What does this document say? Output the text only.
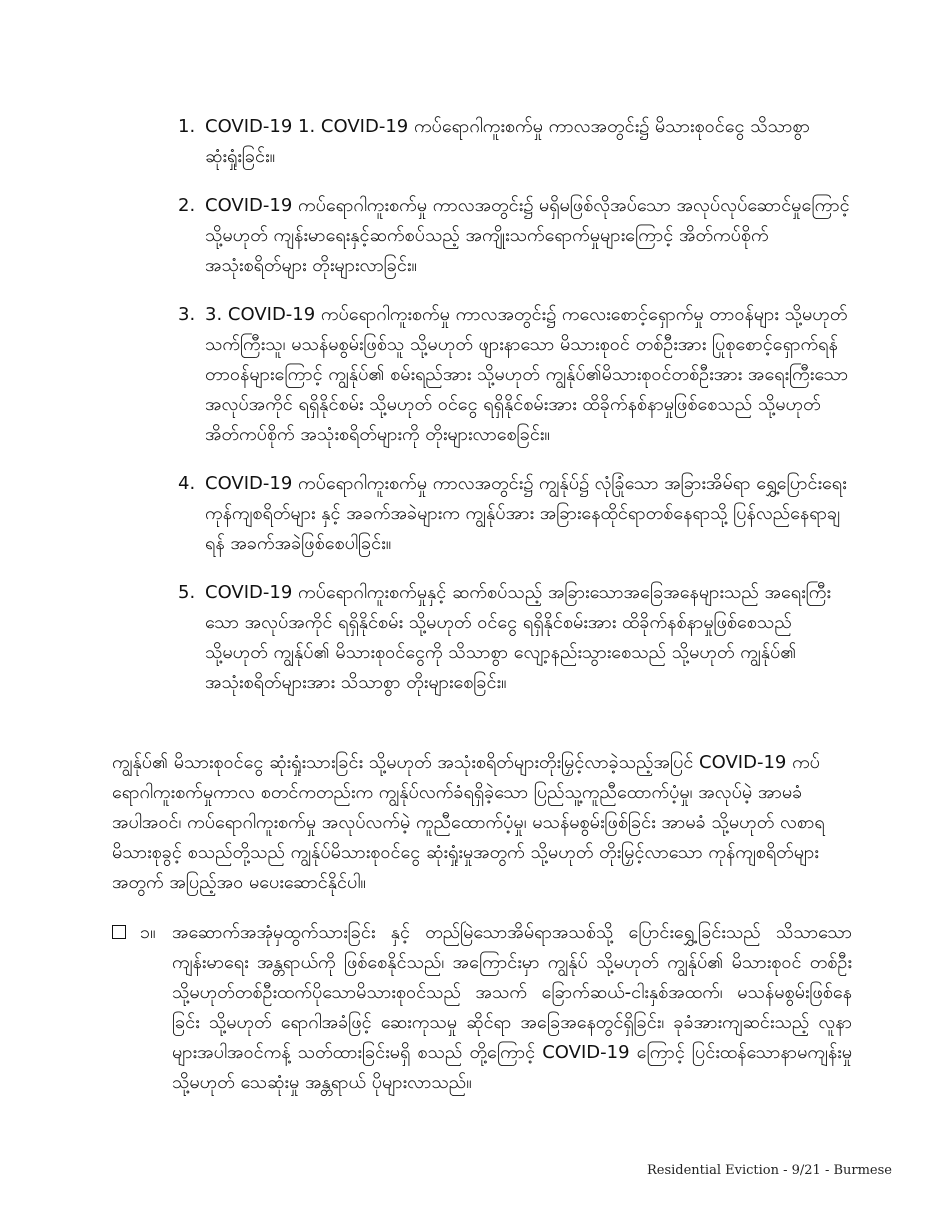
1. COVID-19 1. COVID-19 ကပ်ရောဂါကူးစက်မှု ကာလအတွင်း၌ မိသားစုဝင်ငွေ သိသာစွာ ဆုံးရှုံးခြင်း။
2. COVID-19 ကပ်ရောဂါကူးစက်မှု ကာလအတွင်း၌ မရှိမဖြစ်လိုအပ်သော အလုပ်လုပ်ဆောင်မှုကြောင့် သို့မဟုတ် ကျန်းမာရေးနှင့်ဆက်စပ်သည့် အကျိုးသက်ရောက်မှုများကြောင့် အိတ်ကပ်စိုက် အသုံးစရိတ်များ တိုးများလာခြင်း။
3. 3. COVID-19 ကပ်ရောဂါကူးစက်မှု ကာလအတွင်း၌ ကလေးစောင့်ရှောက်မှု တာဝန်များ သို့မဟုတ် သက်ကြီးသူ၊ မသန်မစွမ်းဖြစ်သူ သို့မဟုတ် ဖျားနာသော မိသားစုဝင် တစ်ဦးအား ပြုစုစောင့်ရှောက်ရန် တာဝန်များကြောင့် ကျွန်ုပ်၏ စမ်းရည်အား သို့မဟုတ် ကျွန်ုပ်၏မိသားစုဝင်တစ်ဦးအား အရေးကြီးသော အလုပ်အကိုင် ရရှိနိုင်စမ်း သို့မဟုတ် ဝင်ငွေ ရရှိနိုင်စမ်းအား ထိခိုက်နစ်နာမှုဖြစ်စေသည် သို့မဟုတ် အိတ်ကပ်စိုက် အသုံးစရိတ်များကို တိုးများလာစေခြင်း။
4. COVID-19 ကပ်ရောဂါကူးစက်မှု ကာလအတွင်း၌ ကျွန်ုပ်၌ လုံခြုံသော အခြားအိမ်ရာ ရွှေ့ပြောင်းရေး ကုန်ကျစရိတ်များ နှင့် အခက်အခဲများက ကျွန်ုပ်အား အခြားနေထိုင်ရာတစ်နေရာသို့ ပြန်လည်နေရာချရန် အခက်အခဲဖြစ်စေပါခြင်း။
5. COVID-19 ကပ်ရောဂါကူးစက်မှုနှင့် ဆက်စပ်သည့် အခြားသောအခြေအနေများသည် အရေးကြီးသော အလုပ်အကိုင် ရရှိနိုင်စမ်း သို့မဟုတ် ဝင်ငွေ ရရှိနိုင်စမ်းအား ထိခိုက်နစ်နာမှုဖြစ်စေသည် သို့မဟုတ် ကျွန်ုပ်၏ မိသားစုဝင်ငွေကို သိသာစွာ လျော့နည်းသွားစေသည် သို့မဟုတ် ကျွန်ုပ်၏ အသုံးစရိတ်များအား သိသာစွာ တိုးများစေခြင်း။

ကျွန်ုပ်၏ မိသားစုဝင်ငွေ ဆုံးရှုံးသားခြင်း သို့မဟုတ် အသုံးစရိတ်များတိုးမြှင့်လာခဲ့သည့်အပြင် COVID-19 ကပ်ရောဂါကူးစက်မှုကာလ စတင်ကတည်းက ကျွန်ုပ်လက်ခံရရှိခဲ့သော ပြည်သူ့ကူညီထောက်ပံ့မှု၊ အလုပ်မဲ့ အာမခံ အပါအဝင်၊ ကပ်ရောဂါကူးစက်မှု အလုပ်လက်မဲ့ ကူညီထောက်ပံ့မှု၊ မသန်မစွမ်းဖြစ်ခြင်း အာမခံ သို့မဟုတ် လစာရ မိသားစုခွင့် စသည်တို့သည် ကျွန်ုပ်မိသားစုဝင်ငွေ ဆုံးရှုံးမှုအတွက် သို့မဟုတ် တိုးမြှင့်လာသော ကုန်ကျစရိတ်များအတွက် အပြည့်အဝ မပေးဆောင်နိုင်ပါ။

၁။ အဆောက်အအုံမှထွက်သားခြင်း နှင့် တည်မြဲသောအိမ်ရာအသစ်သို့ ပြောင်းရွှေ့ခြင်းသည် သိသာသော ကျန်းမာရေး အန္တရာယ်ကို ဖြစ်စေနိုင်သည်၊ အကြောင်းမှာ ကျွန်ုပ် သို့မဟုတ် ကျွန်ုပ်၏ မိသားစုဝင် တစ်ဦး သို့မဟုတ်တစ်ဦးထက်ပိုသောမိသားစုဝင်သည် အသက် ခြောက်ဆယ်-ငါးနှစ်အထက်၊ မသန်မစွမ်းဖြစ်နေခြင်း သို့မဟုတ် ရောဂါအခံဖြင့် ဆေးကုသမှု ဆိုင်ရာ အခြေအနေတွင်ရှိခြင်း၊ ခုခံအားကျဆင်းသည့် လူနာများအပါအဝင်ကန့် သတ်ထားခြင်းမရှိ စသည် တို့ကြောင့် COVID-19 ကြောင့် ပြင်းထန်သောနာမကျန်းမှု သို့မဟုတ် သေဆုံးမှု အန္တရာယ် ပိုများလာသည်။
Residential Eviction - 9/21 - Burmese
